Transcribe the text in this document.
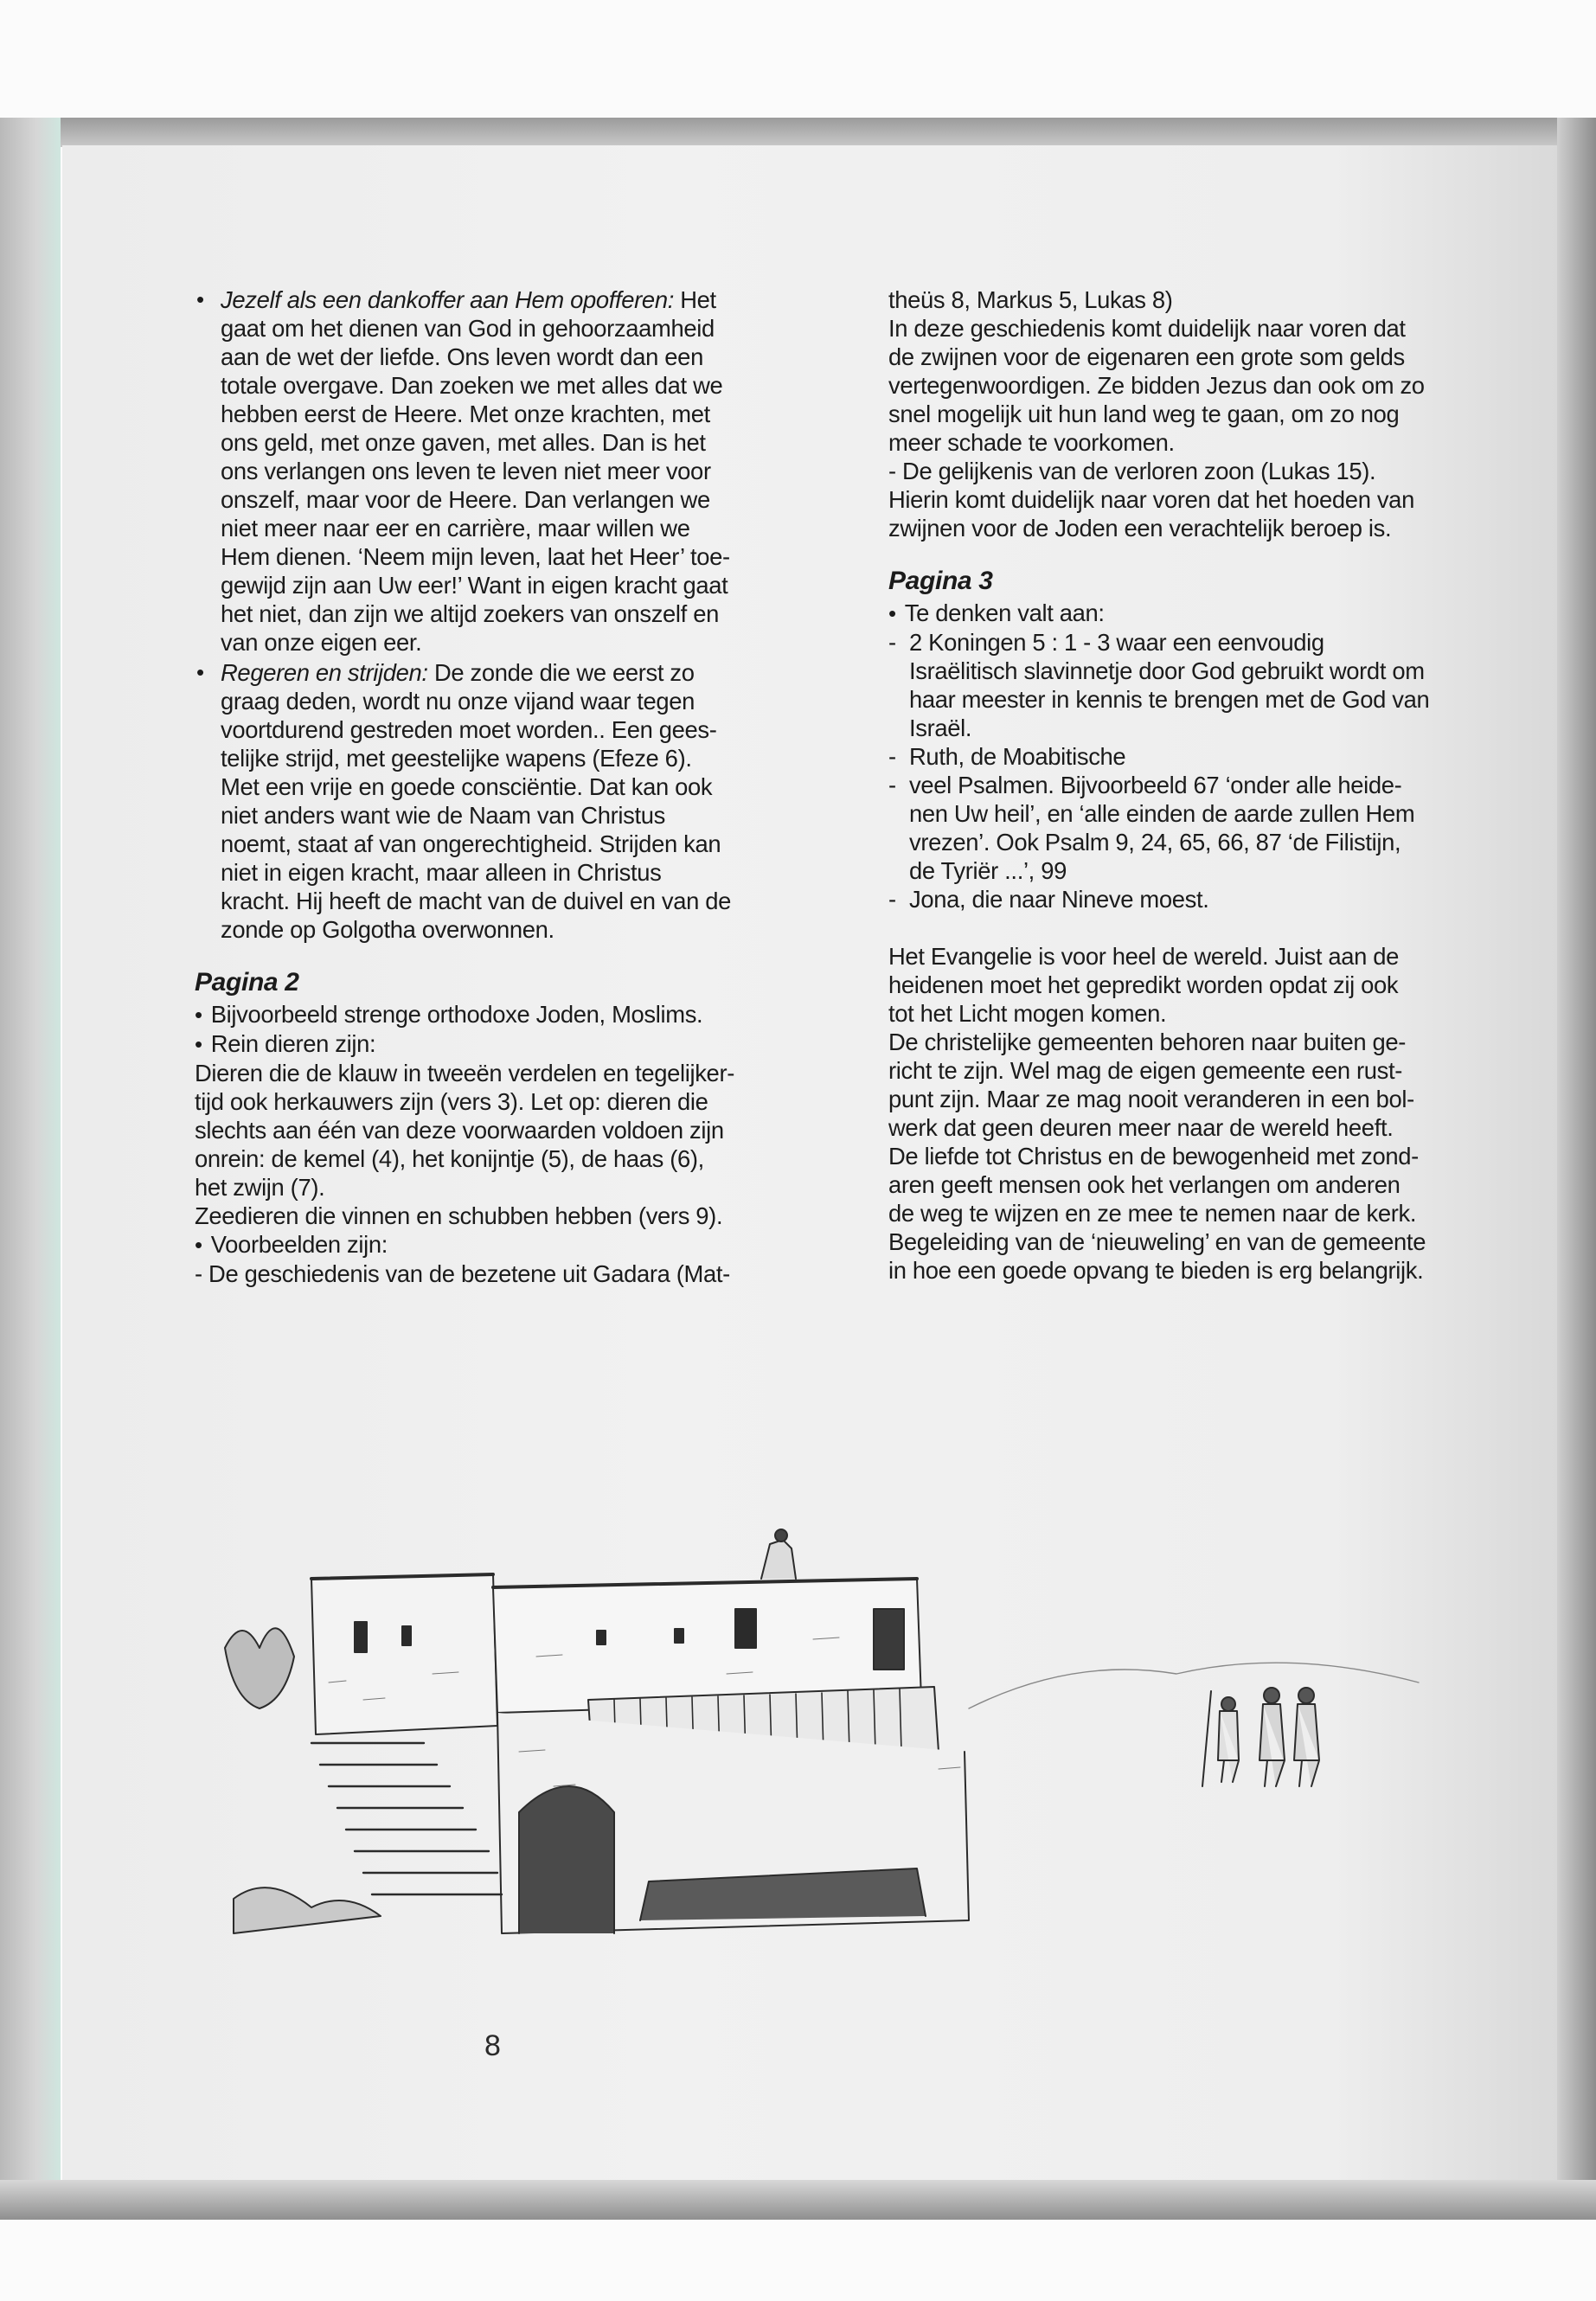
• Jezelf als een dankoffer aan Hem opofferen: Het

gaat om het dienen van God in gehoorzaamheid

aan de wet der liefde. Ons leven wordt dan een

totale overgave. Dan zoeken we met alles dat we

hebben eerst de Heere. Met onze krachten, met

ons geld, met onze gaven, met alles. Dan is het

ons verlangen ons leven te leven niet meer voor

onszelf, maar voor de Heere. Dan verlangen we

niet meer naar eer en carrière, maar willen we

Hem dienen. ‘Neem mijn leven, laat het Heer’ toe-

gewijd zijn aan Uw eer!’ Want in eigen kracht gaat

het niet, dan zijn we altijd zoekers van onszelf en

van onze eigen eer.

• Regeren en strijden: De zonde die we eerst zo

graag deden, wordt nu onze vijand waar tegen

voortdurend gestreden moet worden.. Een gees-

telijke strijd, met geestelijke wapens (Efeze 6).

Met een vrije en goede consciëntie. Dat kan ook

niet anders want wie de Naam van Christus

noemt, staat af van ongerechtigheid. Strijden kan

niet in eigen kracht, maar alleen in Christus

kracht. Hij heeft de macht van de duivel en van de

zonde op Golgotha overwonnen.

Pagina 2

• Bijvoorbeeld strenge orthodoxe Joden, Moslims.

• Rein dieren zijn:

Dieren die de klauw in tweeën verdelen en tegelijker-

tijd ook herkauwers zijn (vers 3). Let op: dieren die

slechts aan één van deze voorwaarden voldoen zijn

onrein: de kemel (4), het konijntje (5), de haas (6),

het zwijn (7).

Zeedieren die vinnen en schubben hebben (vers 9).

• Voorbeelden zijn:

- De geschiedenis van de bezetene uit Gadara (Mat-

theüs 8, Markus 5, Lukas 8)

In deze geschiedenis komt duidelijk naar voren dat

de zwijnen voor de eigenaren een grote som gelds

vertegenwoordigen. Ze bidden Jezus dan ook om zo

snel mogelijk uit hun land weg te gaan, om zo nog

meer schade te voorkomen.

- De gelijkenis van de verloren zoon (Lukas 15).

Hierin komt duidelijk naar voren dat het hoeden van

zwijnen voor de Joden een verachtelijk beroep is.

Pagina 3

• Te denken valt aan:

- 2 Koningen 5 : 1 - 3 waar een eenvoudig

Israëlitisch slavinnetje door God gebruikt wordt om

haar meester in kennis te brengen met de God van

Israël.

- Ruth, de Moabitische

- veel Psalmen. Bijvoorbeeld 67 ‘onder alle heide-

nen Uw heil’, en ‘alle einden de aarde zullen Hem

vrezen’. Ook Psalm 9, 24, 65, 66, 87 ‘de Filistijn,

de Tyriër ...’, 99

- Jona, die naar Nineve moest.

Het Evangelie is voor heel de wereld. Juist aan de

heidenen moet het gepredikt worden opdat zij ook

tot het Licht mogen komen.

De christelijke gemeenten behoren naar buiten ge-

richt te zijn. Wel mag de eigen gemeente een rust-

punt zijn. Maar ze mag nooit veranderen in een bol-

werk dat geen deuren meer naar de wereld heeft.

De liefde tot Christus en de bewogenheid met zond-

aren geeft mensen ook het verlangen om anderen

de weg te wijzen en ze mee te nemen naar de kerk.

Begeleiding van de ‘nieuweling’ en van de gemeente

in hoe een goede opvang te bieden is erg belangrijk.

8
